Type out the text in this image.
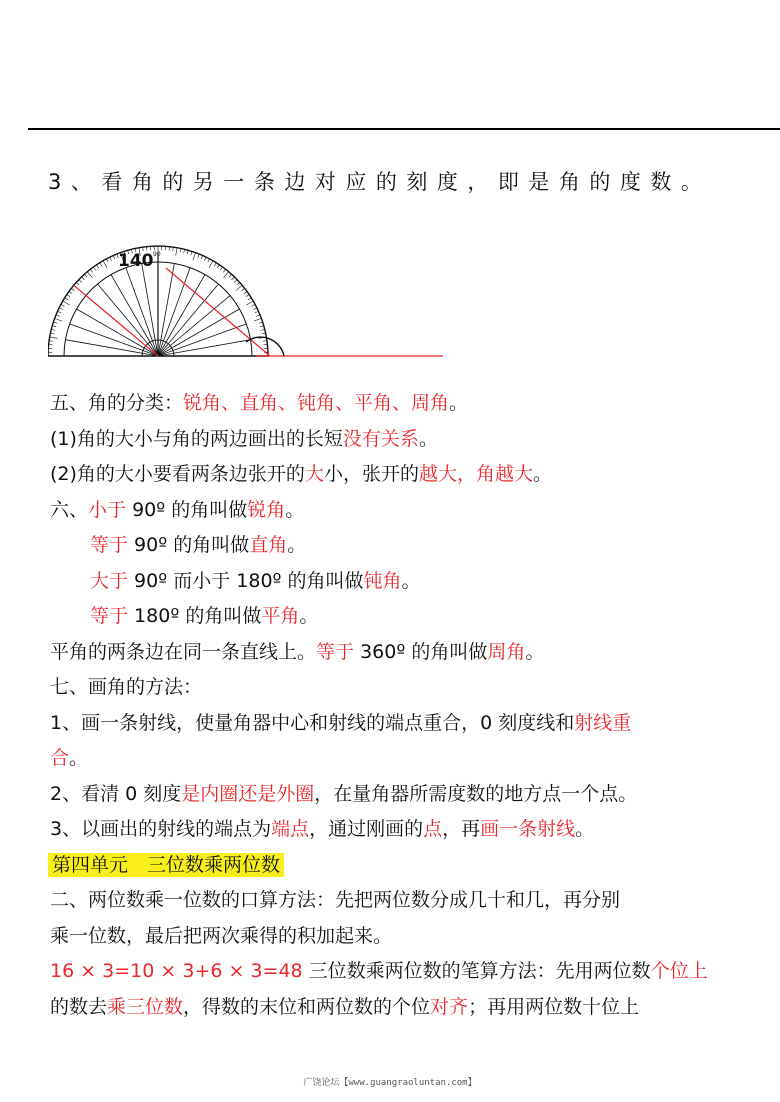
3、看角的另一条边对应的刻度，即是角的度数。
140 90

五、角的分类：锐角、直角、钝角、平角、周角。

(1)角的大小与角的两边画出的长短没有关系。

(2)角的大小要看两条边张开的大小，张开的越大，角越大。

六、小于 90º 的角叫做锐角。

等于 90º 的角叫做直角。

大于 90º 而小于 180º 的角叫做钝角。

等于 180º 的角叫做平角。

平角的两条边在同一条直线上。等于 360º 的角叫做周角。

七、画角的方法：

1、画一条射线，使量角器中心和射线的端点重合，0 刻度线和射线重

合。

2、看清 0 刻度是内圈还是外圈，在量角器所需度数的地方点一个点。

3、以画出的射线的端点为端点，通过刚画的点，再画一条射线。

第四单元　三位数乘两位数

二、两位数乘一位数的口算方法：先把两位数分成几十和几，再分别

乘一位数，最后把两次乘得的积加起来。

16 × 3=10 × 3+6 × 3=48 三位数乘两位数的笔算方法：先用两位数个位上

的数去乘三位数，得数的末位和两位数的个位对齐；再用两位数十位上

广饶论坛【www.guangraoluntan.com】
